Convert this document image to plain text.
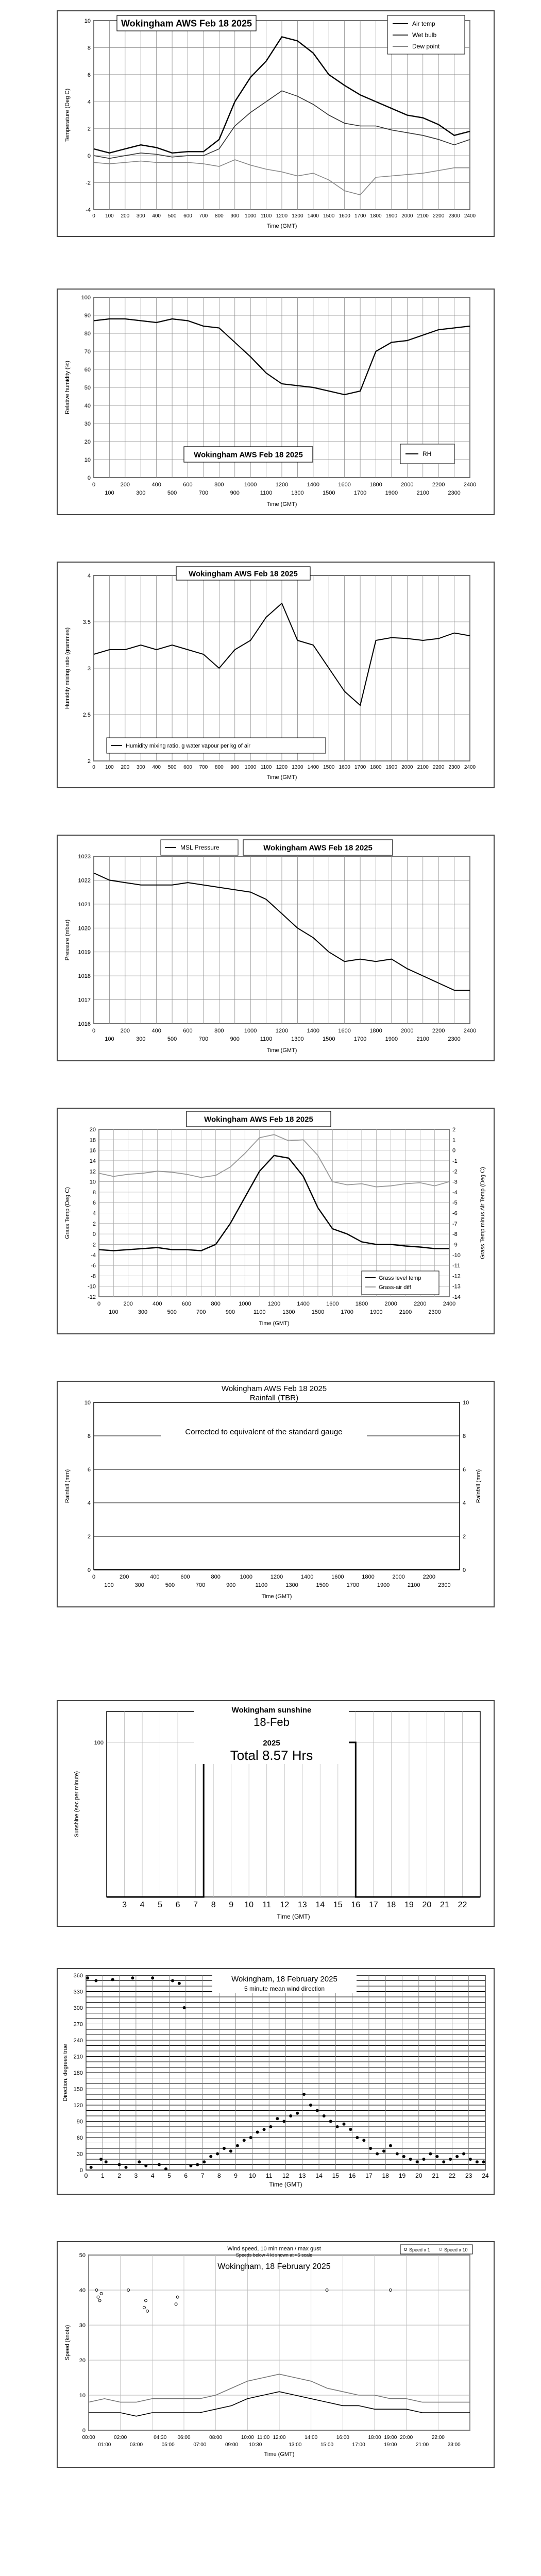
-4
-2
0
2
4
6
8
10
0 100 200 300 400 500 600 700 800 900 1000 1100 1200 1300 1400 1500 1600 1700 1800 1900 2000 2100 2200 2300 2400
Time (GMT)
Temperature (Deg C)
Wokingham AWS Feb 18 2025	Air temp
Wet bulb
Dew point
0
10
20
30
40
50
60
70
80
90
100
0	200	400	600	800	1000	1200	1400	1600	1800	2000	2200	2400
100	300	500	700	900	1100	1300	1500	1700	1900	2100	2300
Time (GMT)
Relative humidity (%)
Wokingham AWS Feb 18 2025	RH
2
2.5
3
3.5
4
0 100 200 300 400 500 600 700 800 900 1000 1100 1200 1300 1400 1500 1600 1700 1800 1900 2000 2100 2200 2300 2400
Time (GMT)
Humidity mixing ratio (grammes)
Wokingham AWS Feb 18 2025
Humidity mixing ratio, g water vapour per kg of air
1016
1017
1018
1019
1020
1021
1022
1023
0	200	400	600	800	1000	1200	1400	1600	1800	2000	2200	2400
100	300	500	700	900	1100	1300	1500	1700	1900	2100	2300
Time (GMT)
Pressure (mbar)
Wokingham AWS Feb 18 2025
MSL Pressure
20
18
16
14
12
10
8
6
4
2
0
-2
-4
-6
-8
-10
-12
2
1
0
-1
-2
-3
-4
-5
-6
-7
-8
-9
-10
-11
-12
-13
-14
0	200	400	600	800	1000	1200	1400	1600	1800	2000	2200	2400
100	300	500	700	900	1100	1300	1500	1700	1900	2100	2300
Time (GMT)
Grass Temp (Deg C)	Grass Temp minus Air Temp (Deg C)
Wokingham AWS Feb 18 2025
Grass level temp
Grass-air diff
0
2
4
6
8
10
0
2
4
6
8
10
0	200	400	600	800	1000	1200	1400	1600	1800	2000	2200
100	300	500	700	900	1100	1300	1500	1700	1900	2100	2300
Time (GMT)
Rainfall (mm)	Rainfall (mm)
Wokingham AWS Feb 18 2025
Rainfall (TBR)
Corrected to equivalent of the standard gauge
100
3 4 5 6 7 8 9 10 11 12 13 14 15 16 17 18 19 20 21 22
Time (GMT)
Sunshine (sec per minute)
Wokingham sunshine
18-Feb
2025
Total 8.57 Hrs
0
30
60
90
120
150
180
210
240
270
300
330
360
0 1 2 3 4 5 6 7 8 9 10 11 12 13 14 15 16 17 18 19 20 21 22 23 24
Time (GMT)
Direction, degrees true
Wokingham, 18 February 2025
5 minute mean wind direction
0
10
20
30
40
50
00:00	02:00	04:30 06:00	08:00	10:00 11:00 12:00	14:00	16:00	18:00 19:00 20:00	22:00
01:00	03:00	05:00	07:00	09:00 10:30	13:00	15:00	17:00	19:00	21:00	23:00
Time (GMT)
Speed (knots)
Wind speed, 10 min mean / max gust
Speeds below 4 kt shown at ×5 scale
Wokingham, 18 February 2025
Speed x 1	Speed x 10
